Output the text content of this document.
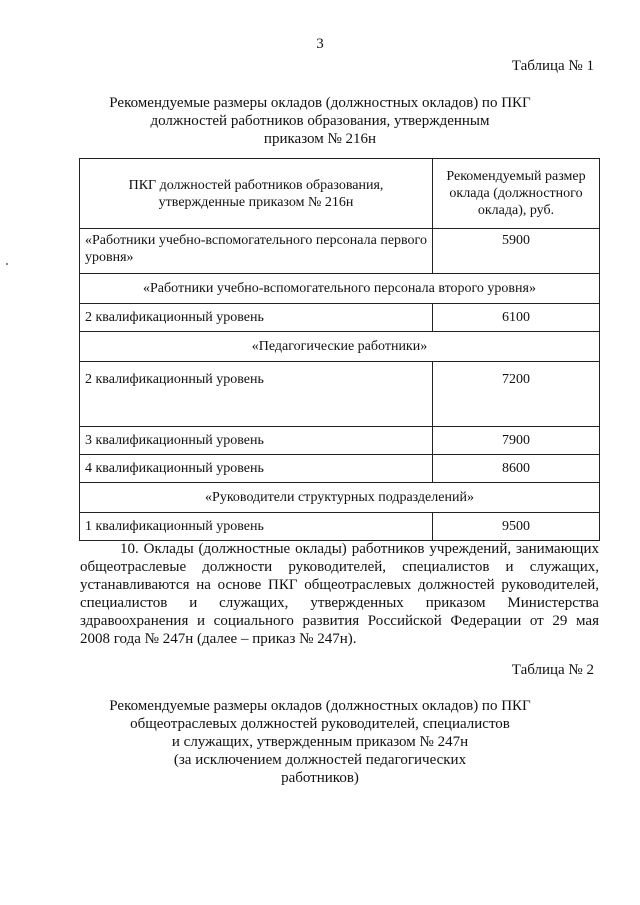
3
Таблица № 1
Рекомендуемые размеры окладов (должностных окладов) по ПКГ
должностей работников образования, утвержденным
приказом № 216н
ПКГ должностей работников образования, утвержденные приказом № 216н	Рекомендуемый размер оклада (должностного оклада), руб.
«Работники учебно-вспомогательного персонала первого уровня»	5900
«Работники учебно-вспомогательного персонала второго уровня»	
2 квалификационный уровень	6100
«Педагогические работники»	
2 квалификационный уровень	7200
3 квалификационный уровень	7900
4 квалификационный уровень	8600
«Руководители структурных подразделений»	
1 квалификационный уровень	9500
10. Оклады (должностные оклады) работников учреждений, занимающих
общеотраслевые должности руководителей, специалистов и служащих,
устанавливаются на основе ПКГ общеотраслевых должностей руководителей,
специалистов и служащих, утвержденных приказом Министерства
здравоохранения и социального развития Российской Федерации от 29 мая
2008 года № 247н (далее – приказ № 247н).
Таблица № 2
Рекомендуемые размеры окладов (должностных окладов) по ПКГ
общеотраслевых должностей руководителей, специалистов
и служащих, утвержденным приказом № 247н
(за исключением должностей педагогических
работников)
